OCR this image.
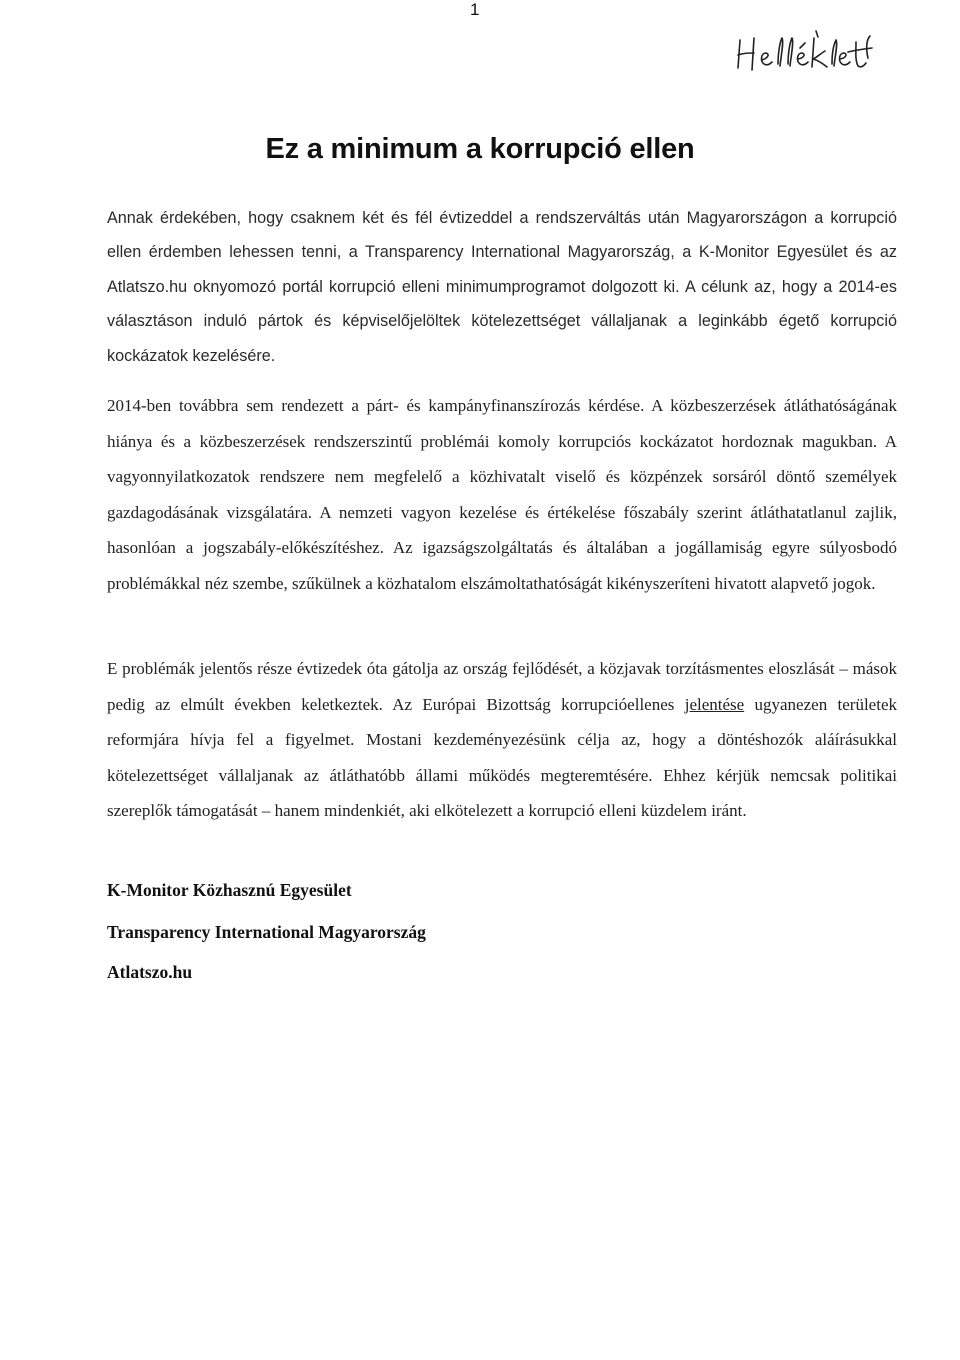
1
Ez a minimum a korrupció ellen

Annak érdekében, hogy csaknem két és fél évtizeddel a rendszerváltás után Magyarországon a korrupció ellen érdemben lehessen tenni, a Transparency International Magyarország, a K-Monitor Egyesület és az Atlatszo.hu oknyomozó portál korrupció elleni minimumprogramot dolgozott ki. A célunk az, hogy a 2014-es választáson induló pártok és képviselőjelöltek kötelezettséget vállaljanak a leginkább égető korrupció kockázatok kezelésére.

2014-ben továbbra sem rendezett a párt- és kampányfinanszírozás kérdése. A közbeszerzések átláthatóságának hiánya és a közbeszerzések rendszerszintű problémái komoly korrupciós kockázatot hordoznak magukban. A vagyonnyilatkozatok rendszere nem megfelelő a közhivatalt viselő és közpénzek sorsáról döntő személyek gazdagodásának vizsgálatára. A nemzeti vagyon kezelése és értékelése főszabály szerint átláthatatlanul zajlik, hasonlóan a jogszabály-előkészítéshez. Az igazságszolgáltatás és általában a jogállamiság egyre súlyosbodó problémákkal néz szembe, szűkülnek a közhatalom elszámoltathatóságát kikényszeríteni hivatott alapvető jogok.

E problémák jelentős része évtizedek óta gátolja az ország fejlődését, a közjavak torzításmentes eloszlását – mások pedig az elmúlt években keletkeztek. Az Európai Bizottság korrupcióellenes jelentése ugyanezen területek reformjára hívja fel a figyelmet. Mostani kezdeményezésünk célja az, hogy a döntéshozók aláírásukkal kötelezettséget vállaljanak az átláthatóbb állami működés megteremtésére. Ehhez kérjük nemcsak politikai szereplők támogatását – hanem mindenkiét, aki elkötelezett a korrupció elleni küzdelem iránt.

K-Monitor Közhasznú Egyesület

Transparency International Magyarország

Atlatszo.hu
